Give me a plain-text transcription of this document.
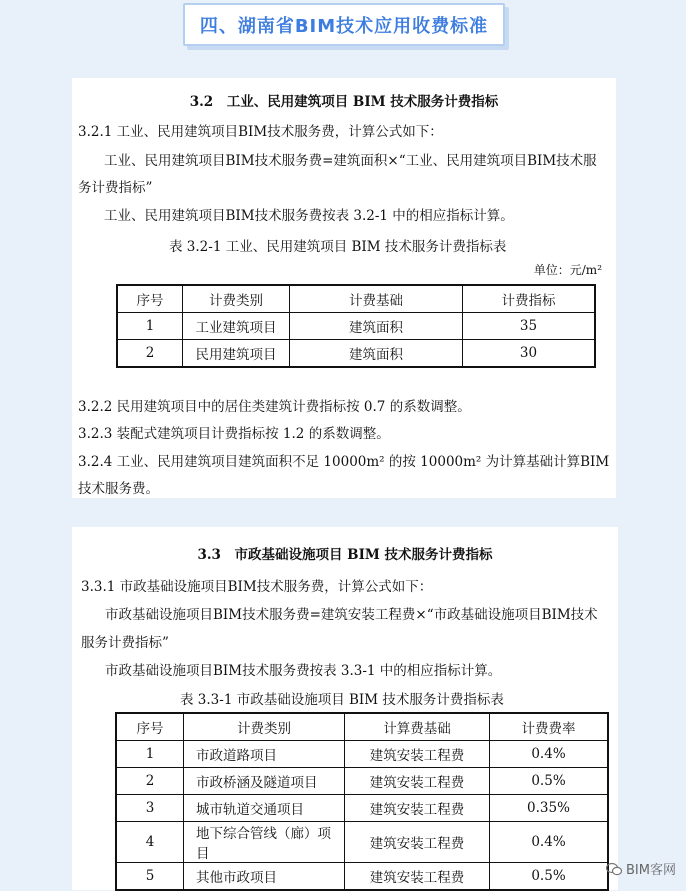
四、湖南省BIM技术应用收费标准
3.2　工业、民用建筑项目 BIM 技术服务计费指标
3.2.1 工业、民用建筑项目BIM技术服务费，计算公式如下：
工业、民用建筑项目BIM技术服务费=建筑面积×“工业、民用建筑项目BIM技术服
务计费指标”
工业、民用建筑项目BIM技术服务费按表 3.2-1 中的相应指标计算。
表 3.2-1 工业、民用建筑项目 BIM 技术服务计费指标表
单位：元/m²
序号	计费类别	计费基础	计费指标
1	工业建筑项目	建筑面积	35
2	民用建筑项目	建筑面积	30
3.2.2 民用建筑项目中的居住类建筑计费指标按 0.7 的系数调整。
3.2.3 装配式建筑项目计费指标按 1.2 的系数调整。
3.2.4 工业、民用建筑项目建筑面积不足 10000m² 的按 10000m² 为计算基础计算BIM
技术服务费。
3.3　市政基础设施项目 BIM 技术服务计费指标
3.3.1 市政基础设施项目BIM技术服务费，计算公式如下：
市政基础设施项目BIM技术服务费=建筑安装工程费×“市政基础设施项目BIM技术
服务计费指标”
市政基础设施项目BIM技术服务费按表 3.3-1 中的相应指标计算。
表 3.3-1 市政基础设施项目 BIM 技术服务计费指标表
序号	计费类别	计算费基础	计费费率
1	市政道路项目	建筑安装工程费	0.4%
2	市政桥涵及隧道项目	建筑安装工程费	0.5%
3	城市轨道交通项目	建筑安装工程费	0.35%
4	地下综合管线（廊）项目	建筑安装工程费	0.4%
5	其他市政项目	建筑安装工程费	0.5%	BIM客网
